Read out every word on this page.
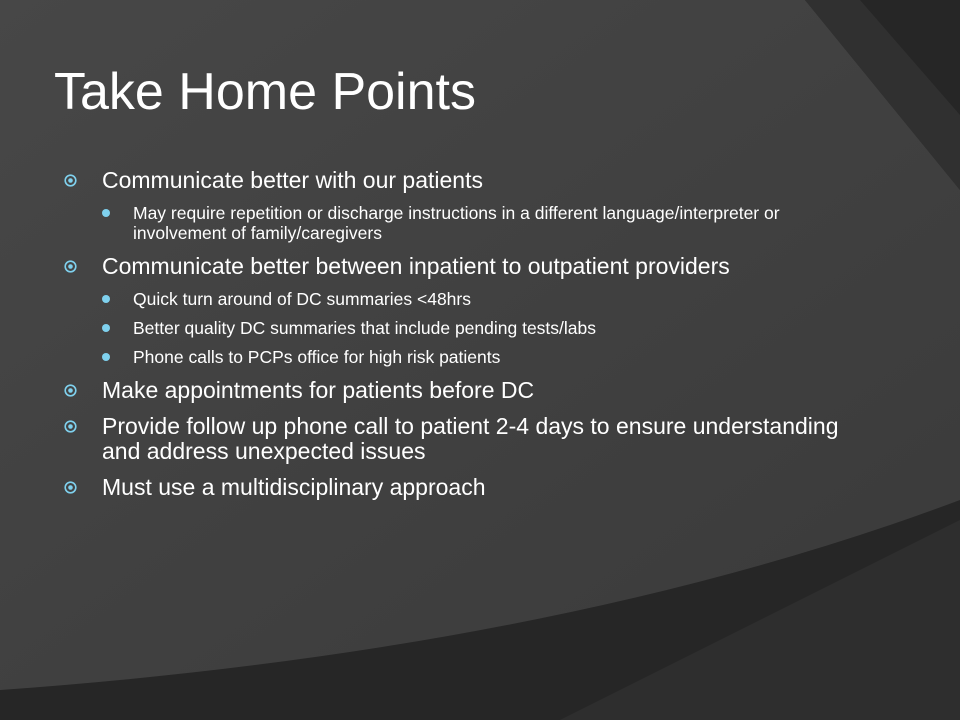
Take Home Points
Communicate better with our patients
May require repetition or discharge instructions in a different language/interpreter or involvement of family/caregivers
Communicate better between inpatient to outpatient providers
Quick turn around of DC summaries <48hrs
Better quality DC summaries that include pending tests/labs
Phone calls to PCPs office for high risk patients
Make appointments for patients before DC
Provide follow up phone call to patient 2-4 days to ensure understanding and address unexpected issues
Must use a multidisciplinary approach
